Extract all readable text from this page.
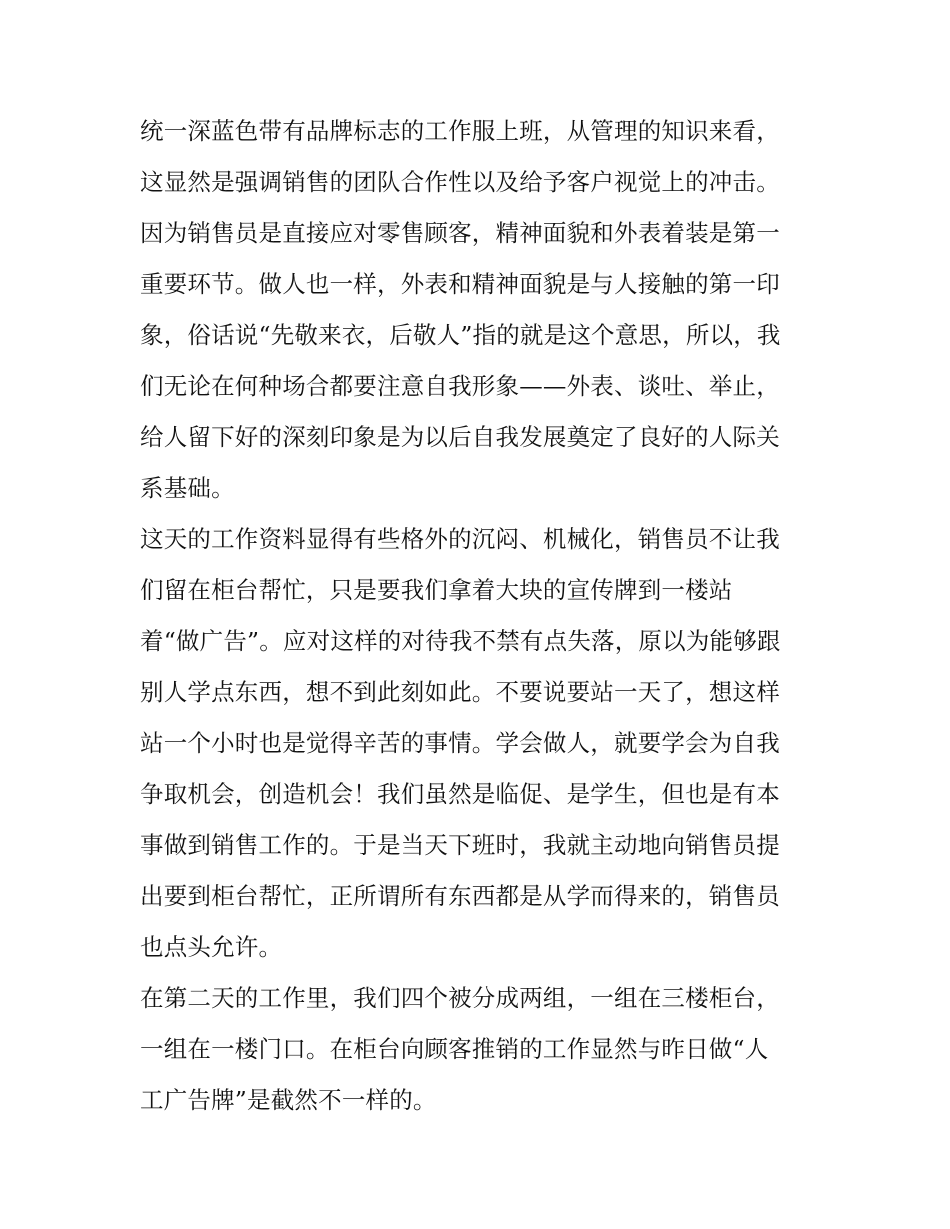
统一深蓝色带有品牌标志的工作服上班，从管理的知识来看，
这显然是强调销售的团队合作性以及给予客户视觉上的冲击。
因为销售员是直接应对零售顾客，精神面貌和外表着装是第一
重要环节。做人也一样，外表和精神面貌是与人接触的第一印
象，俗话说“先敬来衣，后敬人”指的就是这个意思，所以，我
们无论在何种场合都要注意自我形象——外表、谈吐、举止，
给人留下好的深刻印象是为以后自我发展奠定了良好的人际关
系基础。
这天的工作资料显得有些格外的沉闷、机械化，销售员不让我
们留在柜台帮忙，只是要我们拿着大块的宣传牌到一楼站
着“做广告”。应对这样的对待我不禁有点失落，原以为能够跟
别人学点东西，想不到此刻如此。不要说要站一天了，想这样
站一个小时也是觉得辛苦的事情。学会做人，就要学会为自我
争取机会，创造机会！我们虽然是临促、是学生，但也是有本
事做到销售工作的。于是当天下班时，我就主动地向销售员提
出要到柜台帮忙，正所谓所有东西都是从学而得来的，销售员
也点头允许。
在第二天的工作里，我们四个被分成两组，一组在三楼柜台，
一组在一楼门口。在柜台向顾客推销的工作显然与昨日做“人
工广告牌”是截然不一样的。
